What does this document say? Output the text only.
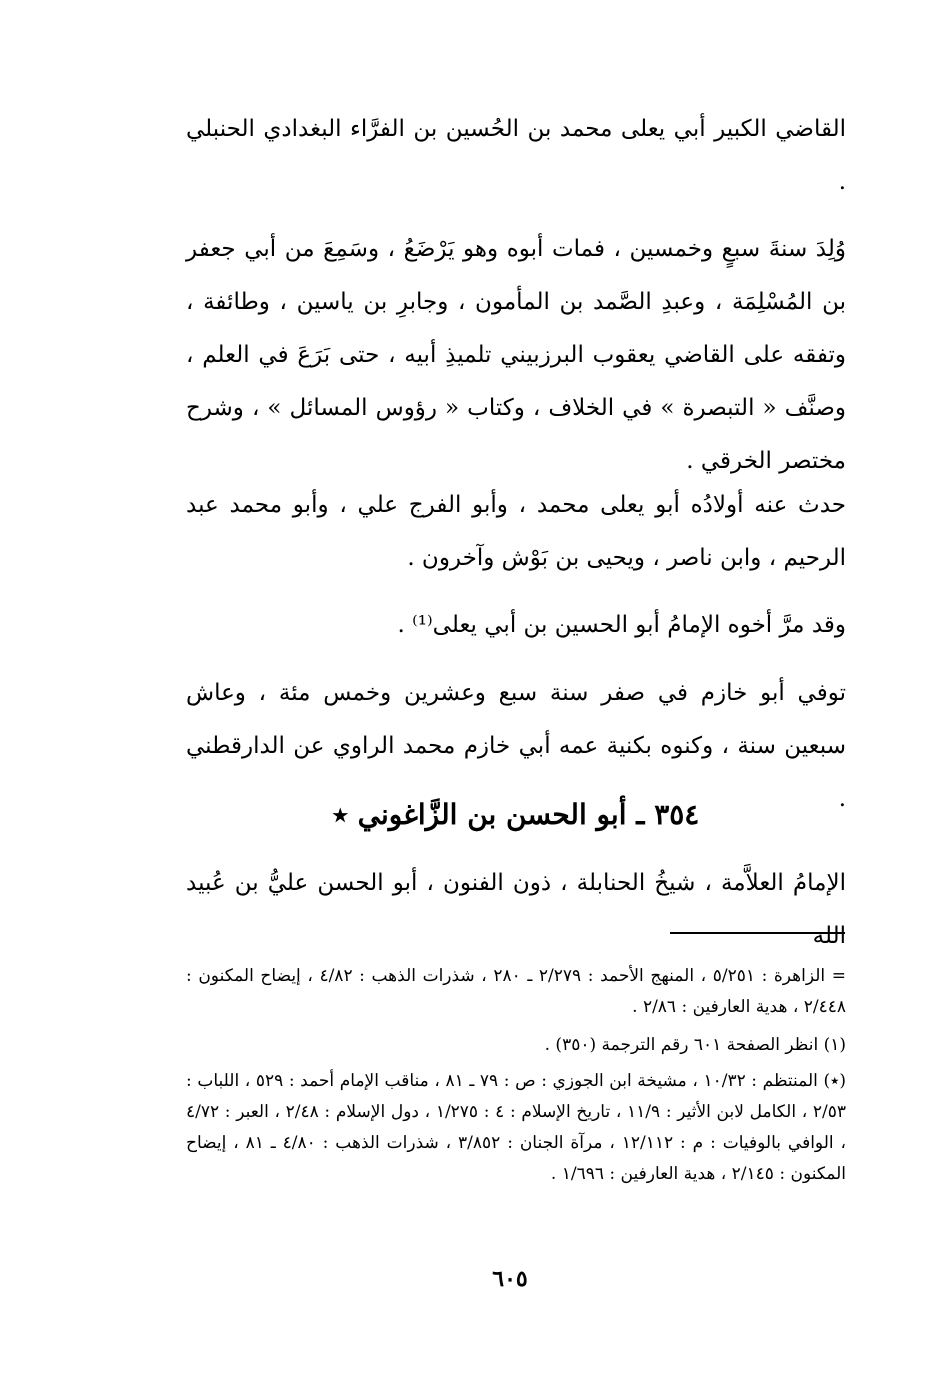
القاضي الكبير أبي يعلى محمد بن الحُسين بن الفرَّاء البغدادي الحنبلي .

وُلِدَ سنةَ سبعٍ وخمسين ، فمات أبوه وهو يَرْضَعُ ، وسَمِعَ من أبي جعفر بن المُسْلِمَة ، وعبدِ الصَّمد بن المأمون ، وجابرِ بن ياسين ، وطائفة ، وتفقه على القاضي يعقوب البرزبيني تلميذِ أبيه ، حتى بَرَعَ في العلم ، وصنَّف « التبصرة » في الخلاف ، وكتاب « رؤوس المسائل » ، وشرح مختصر الخرقي .

حدث عنه أولادُه أبو يعلى محمد ، وأبو الفرج علي ، وأبو محمد عبد الرحيم ، وابن ناصر ، ويحيى بن بَوْش وآخرون .

وقد مرَّ أخوه الإمامُ أبو الحسين بن أبي يعلى⁽¹⁾ .

توفي أبو خازم في صفر سنة سبع وعشرين وخمس مئة ، وعاش سبعين سنة ، وكنوه بكنية عمه أبي خازم محمد الراوي عن الدارقطني .

٣٥٤ ـ أبو الحسن بن الزَّاغوني ٭

الإمامُ العلاَّمة ، شيخُ الحنابلة ، ذون الفنون ، أبو الحسن عليُّ بن عُبيد الله

= الزاهرة : ٥/٢٥١ ، المنهج الأحمد : ٢/٢٧٩ ـ ٢٨٠ ، شذرات الذهب : ٤/٨٢ ، إيضاح المكنون : ٢/٤٤٨ ، هدية العارفين : ٢/٨٦ .

(١) انظر الصفحة ٦٠١ رقم الترجمة (٣٥٠) .

(٭) المنتظم : ١٠/٣٢ ، مشيخة ابن الجوزي : ص : ٧٩ ـ ٨١ ، مناقب الإمام أحمد : ٥٢٩ ، اللباب : ٢/٥٣ ، الكامل لابن الأثير : ١١/٩ ، تاريخ الإسلام : ٤ : ١/٢٧٥ ، دول الإسلام : ٢/٤٨ ، العبر : ٤/٧٢ ، الوافي بالوفيات : م : ١٢/١١٢ ، مرآة الجنان : ٣/٨٥٢ ، شذرات الذهب : ٤/٨٠ ـ ٨١ ، إيضاح المكنون : ٢/١٤٥ ، هدية العارفين : ١/٦٩٦ .

٦٠٥
